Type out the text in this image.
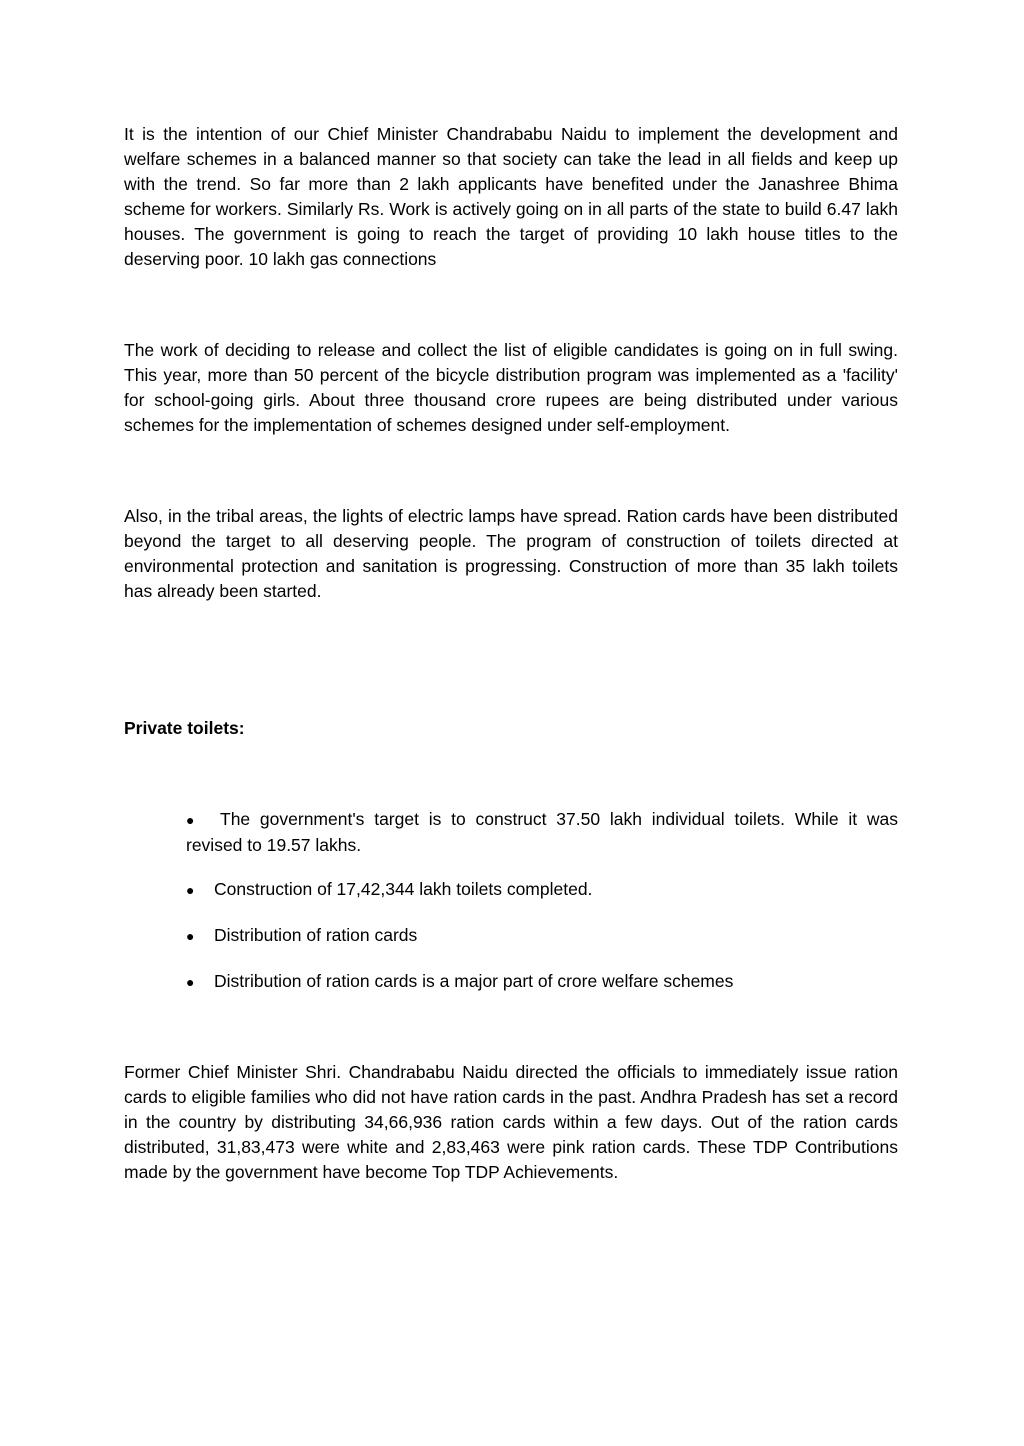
It is the intention of our Chief Minister Chandrababu Naidu to implement the development and welfare schemes in a balanced manner so that society can take the lead in all fields and keep up with the trend. So far more than 2 lakh applicants have benefited under the Janashree Bhima scheme for workers. Similarly Rs. Work is actively going on in all parts of the state to build 6.47 lakh houses. The government is going to reach the target of providing 10 lakh house titles to the deserving poor. 10 lakh gas connections

The work of deciding to release and collect the list of eligible candidates is going on in full swing. This year, more than 50 percent of the bicycle distribution program was implemented as a 'facility' for school-going girls. About three thousand crore rupees are being distributed under various schemes for the implementation of schemes designed under self-employment.

Also, in the tribal areas, the lights of electric lamps have spread. Ration cards have been distributed beyond the target to all deserving people. The program of construction of toilets directed at environmental protection and sanitation is progressing. Construction of more than 35 lakh toilets has already been started.

Private toilets:

● The government's target is to construct 37.50 lakh individual toilets. While it was revised to 19.57 lakhs.
● Construction of 17,42,344 lakh toilets completed.
● Distribution of ration cards
● Distribution of ration cards is a major part of crore welfare schemes

Former Chief Minister Shri. Chandrababu Naidu directed the officials to immediately issue ration cards to eligible families who did not have ration cards in the past. Andhra Pradesh has set a record in the country by distributing 34,66,936 ration cards within a few days. Out of the ration cards distributed, 31,83,473 were white and 2,83,463 were pink ration cards. These TDP Contributions made by the government have become Top TDP Achievements.
